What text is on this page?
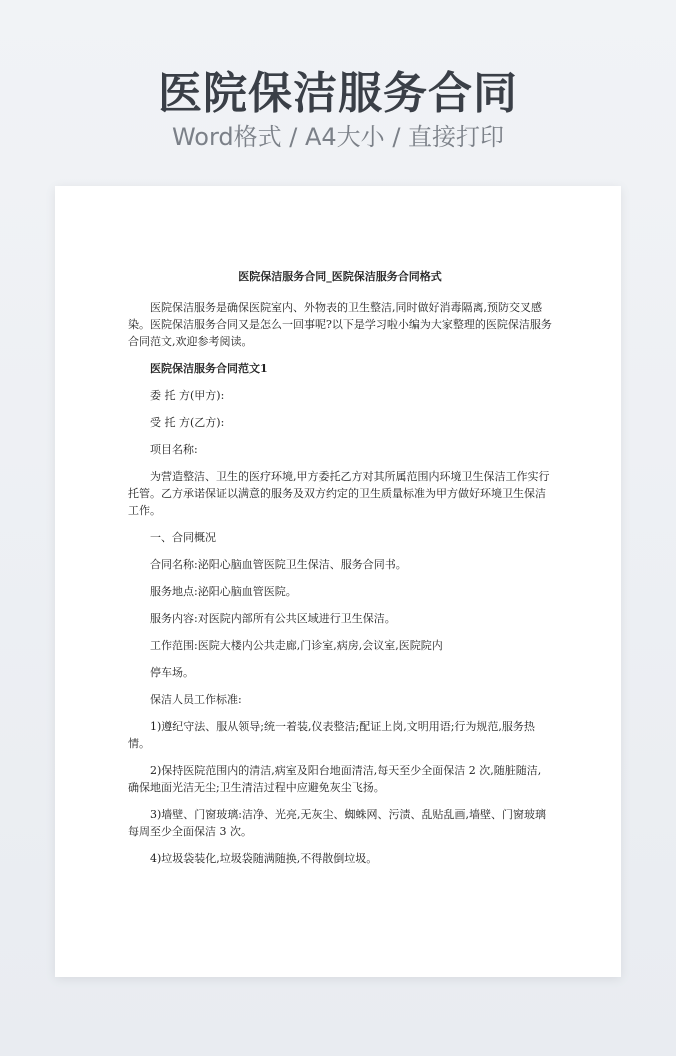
医院保洁服务合同
Word格式 / A4大小 / 直接打印
医院保洁服务合同_医院保洁服务合同格式

医院保洁服务是确保医院室内、外物表的卫生整洁,同时做好消毒隔离,预防交叉感染。医院保洁服务合同又是怎么一回事呢?以下是学习啦小编为大家整理的医院保洁服务合同范文,欢迎参考阅读。

医院保洁服务合同范文1

委 托 方(甲方):

受 托 方(乙方):

项目名称:

为营造整洁、卫生的医疗环境,甲方委托乙方对其所属范围内环境卫生保洁工作实行托管。乙方承诺保证以满意的服务及双方约定的卫生质量标准为甲方做好环境卫生保洁工作。

一、合同概况

合同名称:泌阳心脑血管医院卫生保洁、服务合同书。

服务地点:泌阳心脑血管医院。

服务内容:对医院内部所有公共区域进行卫生保洁。

工作范围:医院大楼内公共走廊,门诊室,病房,会议室,医院院内

停车场。

保洁人员工作标准:

1)遵纪守法、服从领导;统一着装,仪表整洁;配证上岗,文明用语;行为规范,服务热情。

2)保持医院范围内的清洁,病室及阳台地面清洁,每天至少全面保洁 2 次,随脏随洁,确保地面光洁无尘;卫生清洁过程中应避免灰尘飞扬。

3)墙壁、门窗玻璃:洁净、光亮,无灰尘、蜘蛛网、污渍、乱贴乱画,墙壁、门窗玻璃每周至少全面保洁 3 次。

4)垃圾袋装化,垃圾袋随满随换,不得散倒垃圾。
